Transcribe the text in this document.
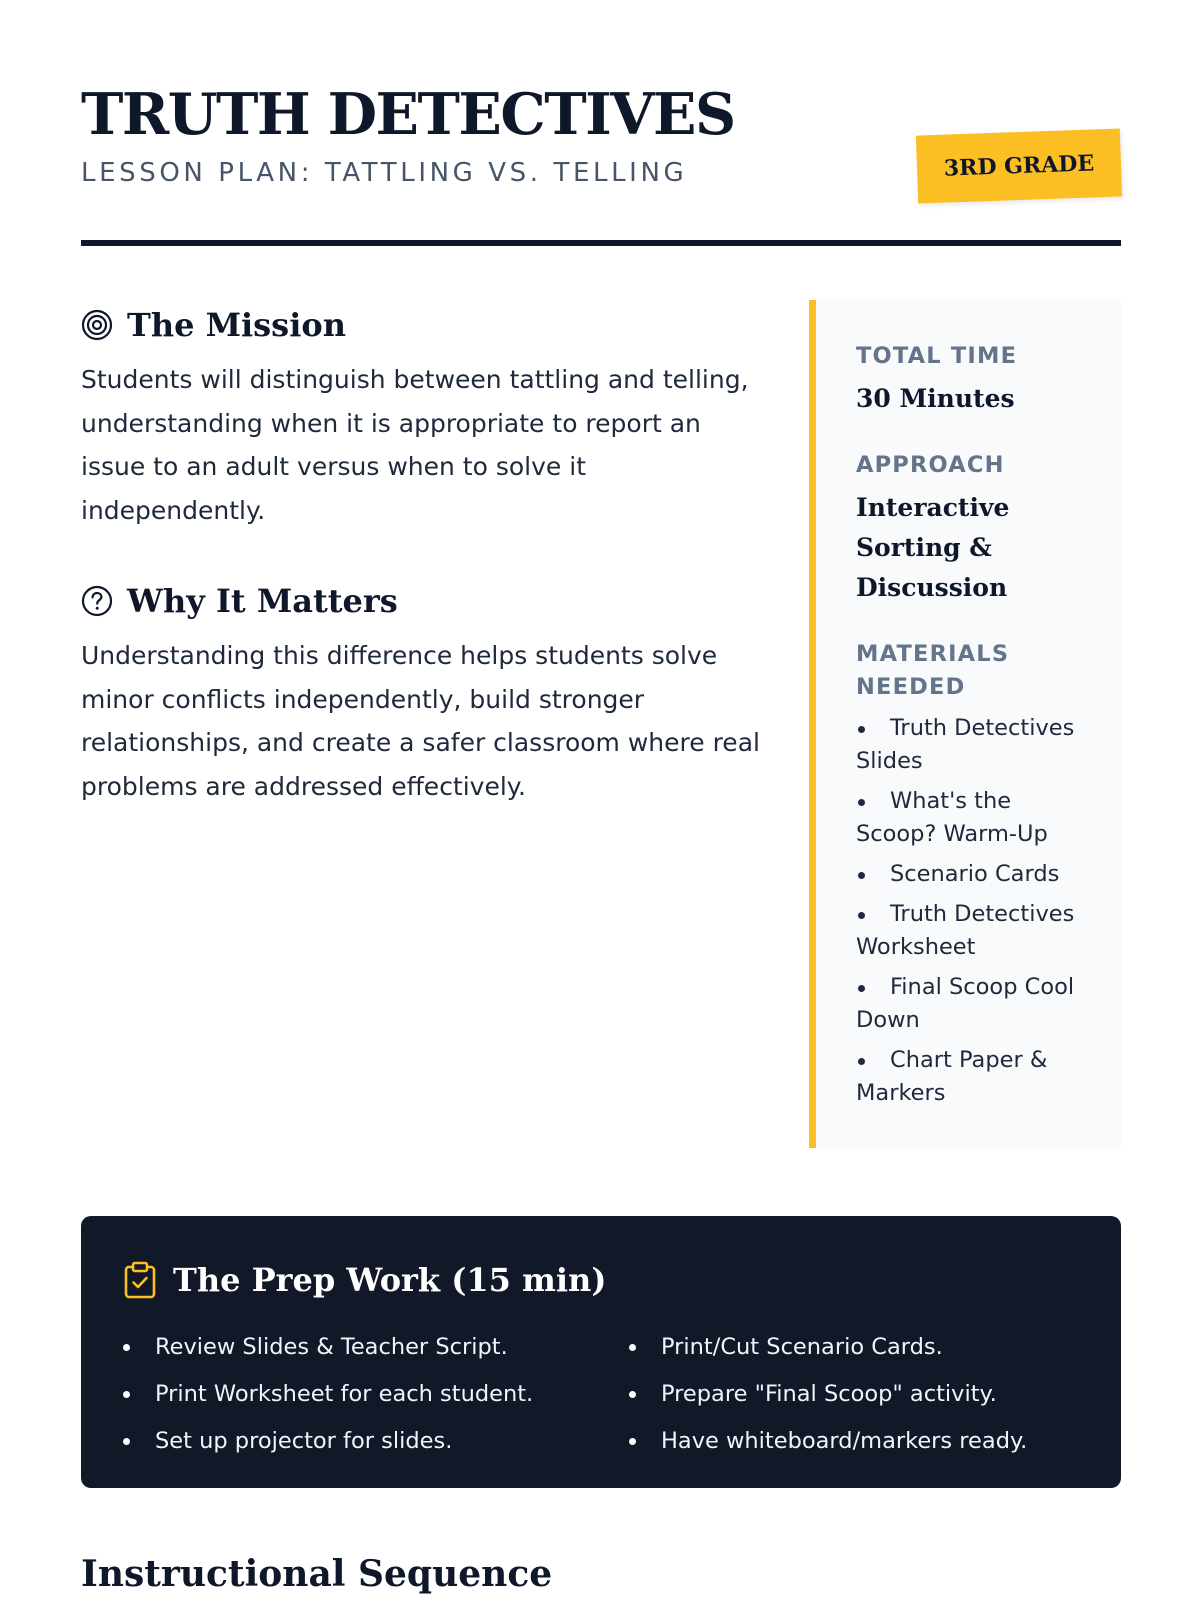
TRUTH DETECTIVES
LESSON PLAN: TATTLING VS. TELLING	3RD GRADE
The Mission

Students will distinguish between tattling and telling, understanding when it is appropriate to report an issue to an adult versus when to solve it independently.

Why It Matters

Understanding this difference helps students solve minor conflicts independently, build stronger relationships, and create a safer classroom where real problems are addressed effectively.

TOTAL TIME
30 Minutes
APPROACH
Interactive Sorting & Discussion
MATERIALS NEEDED
Truth Detectives Slides
What's the Scoop? Warm-Up
Scenario Cards
Truth Detectives Worksheet
Final Scoop Cool Down
Chart Paper & Markers
The Prep Work (15 min)
Review Slides & Teacher Script.
Print Worksheet for each student.
Set up projector for slides.
Print/Cut Scenario Cards.
Prepare "Final Scoop" activity.
Have whiteboard/markers ready.
Instructional Sequence
